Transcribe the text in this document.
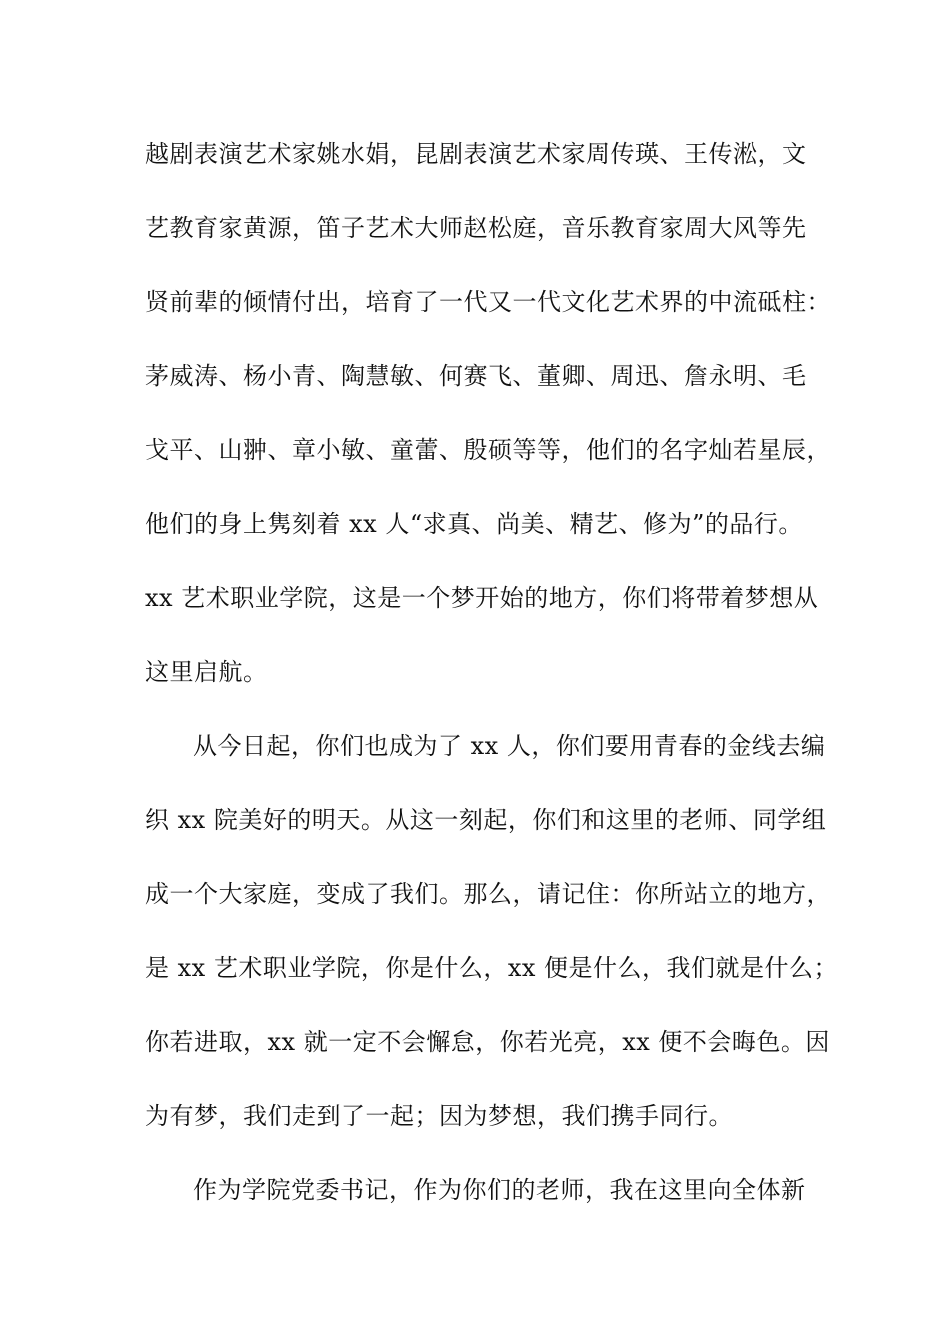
越剧表演艺术家姚水娟，昆剧表演艺术家周传瑛、王传淞，文
艺教育家黄源，笛子艺术大师赵松庭，音乐教育家周大风等先
贤前辈的倾情付出，培育了一代又一代文化艺术界的中流砥柱：
茅威涛、杨小青、陶慧敏、何赛飞、董卿、周迅、詹永明、毛
戈平、山翀、章小敏、童蕾、殷硕等等，他们的名字灿若星辰，
他们的身上隽刻着 xx 人“求真、尚美、精艺、修为”的品行。
xx 艺术职业学院，这是一个梦开始的地方，你们将带着梦想从
这里启航。
从今日起，你们也成为了 xx 人，你们要用青春的金线去编
织 xx 院美好的明天。从这一刻起，你们和这里的老师、同学组
成一个大家庭，变成了我们。那么，请记住：你所站立的地方，
是 xx 艺术职业学院，你是什么，xx 便是什么，我们就是什么；
你若进取，xx 就一定不会懈怠，你若光亮，xx 便不会晦色。因
为有梦，我们走到了一起；因为梦想，我们携手同行。
作为学院党委书记，作为你们的老师，我在这里向全体新
